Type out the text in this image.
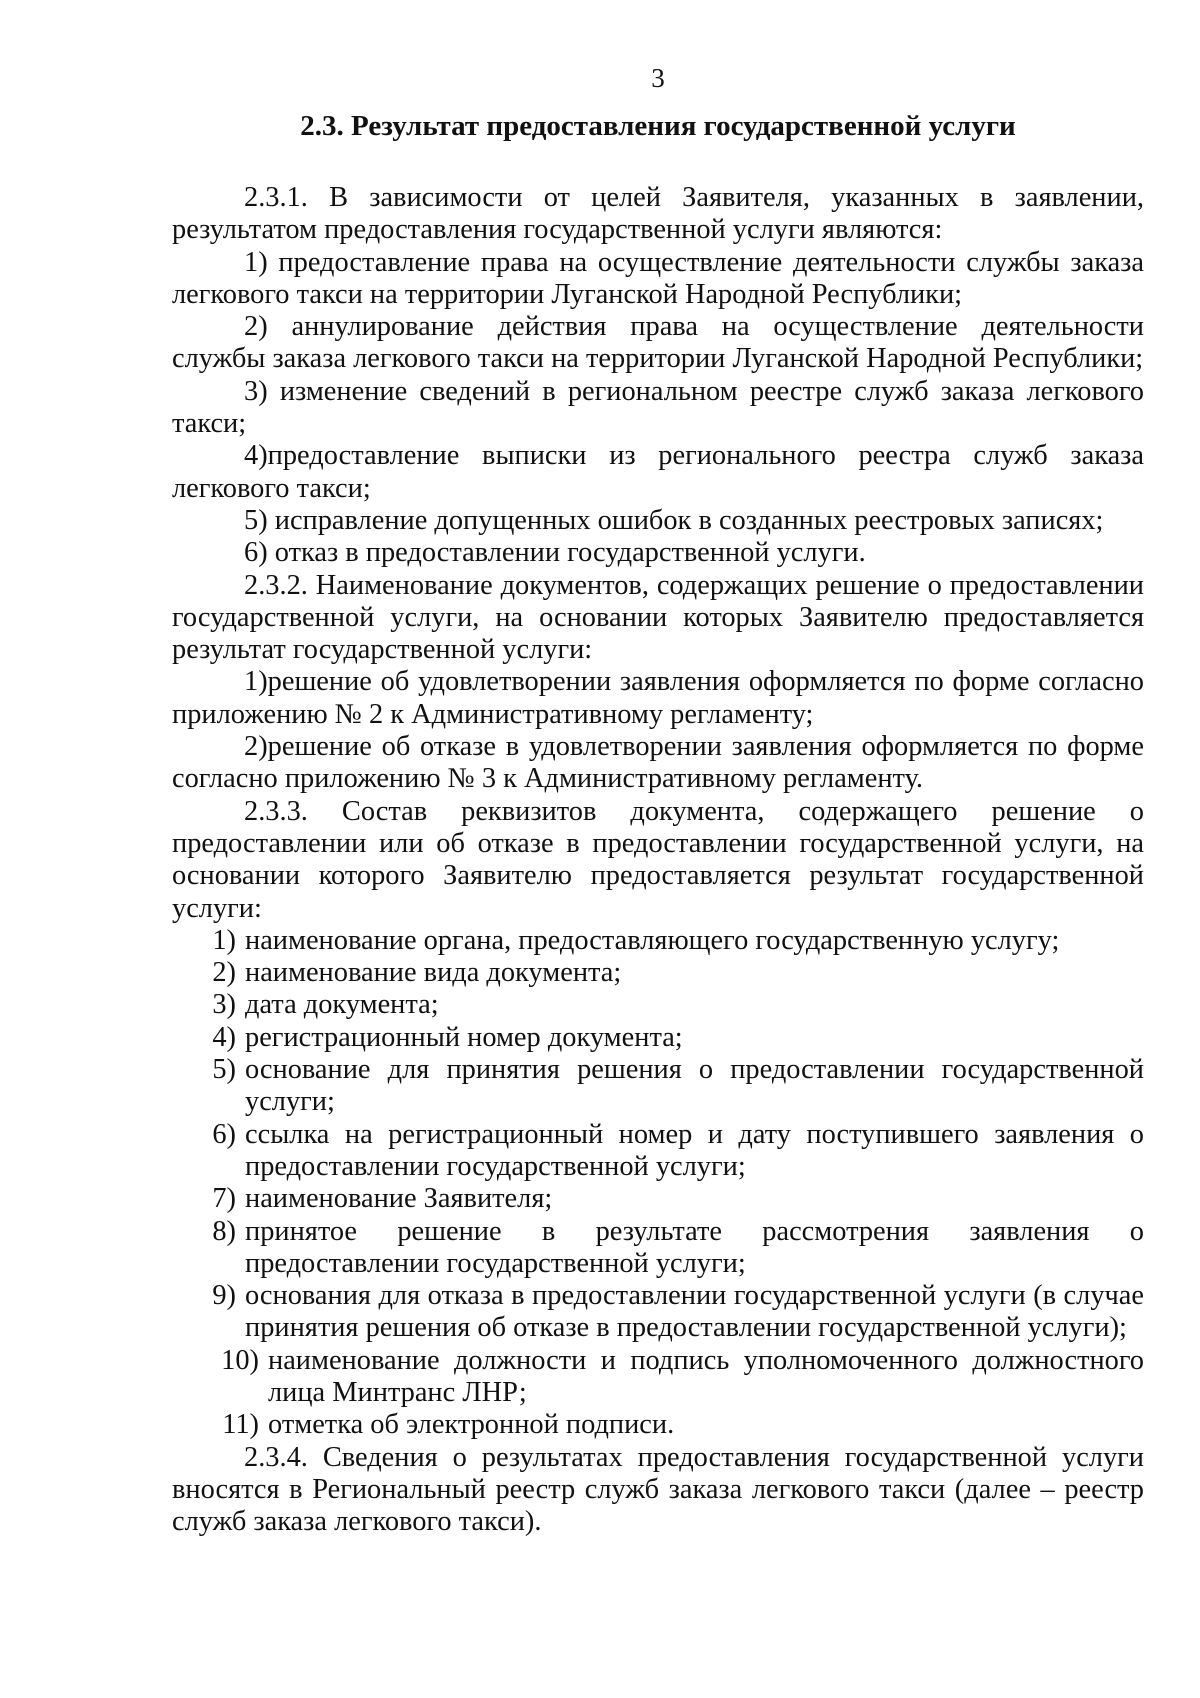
3
2.3. Результат предоставления государственной услуги

2.3.1. В зависимости от целей Заявителя, указанных в заявлении, результатом предоставления государственной услуги являются:

1) предоставление права на осуществление деятельности службы заказа легкового такси на территории Луганской Народной Республики;

2) аннулирование действия права на осуществление деятельности службы заказа легкового такси на территории Луганской Народной Республики;

3) изменение сведений в региональном реестре служб заказа легкового такси;

4)предоставление выписки из регионального реестра служб заказа легкового такси;

5) исправление допущенных ошибок в созданных реестровых записях;

6) отказ в предоставлении государственной услуги.

2.3.2. Наименование документов, содержащих решение о предоставлении государственной услуги, на основании которых Заявителю предоставляется результат государственной услуги:

1)решение об удовлетворении заявления оформляется по форме согласно приложению № 2 к Административному регламенту;

2)решение об отказе в удовлетворении заявления оформляется по форме согласно приложению № 3 к Административному регламенту.

2.3.3. Состав реквизитов документа, содержащего решение о предоставлении или об отказе в предоставлении государственной услуги, на основании которого Заявителю предоставляется результат государственной услуги:

1) наименование органа, предоставляющего государственную услугу;
2) наименование вида документа;
3) дата документа;
4) регистрационный номер документа;
5) основание для принятия решения о предоставлении государственной услуги;
6) ссылка на регистрационный номер и дату поступившего заявления о предоставлении государственной услуги;
7) наименование Заявителя;
8) принятое решение в результате рассмотрения заявления о предоставлении государственной услуги;
9) основания для отказа в предоставлении государственной услуги (в случае принятия решения об отказе в предоставлении государственной услуги);
10) наименование должности и подпись уполномоченного должностного лица Минтранс ЛНР;
11) отметка об электронной подписи.

2.3.4. Сведения о результатах предоставления государственной услуги вносятся в Региональный реестр служб заказа легкового такси (далее – реестр служб заказа легкового такси).
